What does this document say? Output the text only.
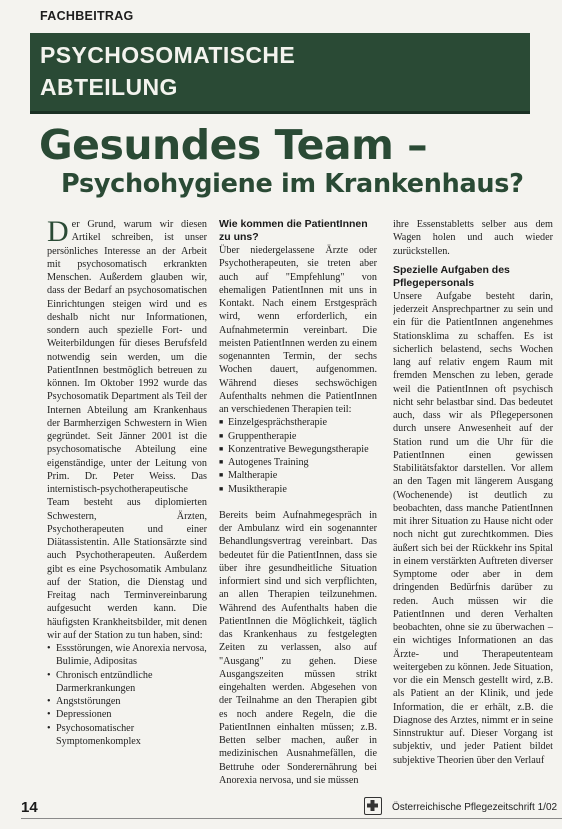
FACHBEITRAG
PSYCHOSOMATISCHE
ABTEILUNG
Gesundes Team –
Psychohygiene im Krankenhaus?

Der Grund, warum wir diesen Artikel schreiben, ist unser persönliches Interesse an der Arbeit mit psychosomatisch erkrankten Menschen. Außerdem glauben wir, dass der Bedarf an psychosomatischen Einrichtungen steigen wird und es deshalb nicht nur Informationen, sondern auch spezielle Fort- und Weiterbildungen für dieses Berufsfeld notwendig sein werden, um die PatientInnen bestmöglich betreuen zu können. Im Oktober 1992 wurde das Psychosomatik Department als Teil der Internen Abteilung am Krankenhaus der Barmherzigen Schwestern in Wien gegründet. Seit Jänner 2001 ist die psychosomatische Abteilung eine eigenständige, unter der Leitung von Prim. Dr. Peter Weiss. Das internistisch-psychotherapeutische Team besteht aus diplomierten Schwestern, Ärzten, Psychotherapeuten und einer Diätassistentin. Alle Stationsärzte sind auch Psychotherapeuten. Außerdem gibt es eine Psychosomatik Ambulanz auf der Station, die Dienstag und Freitag nach Terminvereinbarung aufgesucht werden kann. Die häufigsten Krankheitsbilder, mit denen wir auf der Station zu tun haben, sind:

• Essstörungen, wie Anorexia nervosa, Bulimie, Adipositas
• Chronisch entzündliche Darmerkrankungen
• Angststörungen
• Depressionen
• Psychosomatischer Symptomenkomplex
Wie kommen die PatientInnen zu uns?

Über niedergelassene Ärzte oder Psychotherapeuten, sie treten aber auch auf "Empfehlung" von ehemaligen PatientInnen mit uns in Kontakt. Nach einem Erstgespräch wird, wenn erforderlich, ein Aufnahmetermin vereinbart. Die meisten PatientInnen werden zu einem sogenannten Termin, der sechs Wochen dauert, aufgenommen. Während dieses sechswöchigen Aufenthalts nehmen die PatientInnen an verschiedenen Therapien teil:

■ Einzelgesprächstherapie
■ Gruppentherapie
■ Konzentrative Bewegungstherapie
■ Autogenes Training
■ Maltherapie
■ Musiktherapie

Bereits beim Aufnahmegespräch in der Ambulanz wird ein sogenannter Behandlungsvertrag vereinbart. Das bedeutet für die PatientInnen, dass sie über ihre gesundheitliche Situation informiert sind und sich verpflichten, an allen Therapien teilzunehmen. Während des Aufenthalts haben die PatientInnen die Möglichkeit, täglich das Krankenhaus zu festgelegten Zeiten zu verlassen, also auf "Ausgang" zu gehen. Diese Ausgangszeiten müssen strikt eingehalten werden. Abgesehen von der Teilnahme an den Therapien gibt es noch andere Regeln, die die PatientInnen einhalten müssen; z.B. Betten selber machen, außer in medizinischen Ausnahmefällen, die Bettruhe oder Sonderernährung bei Anorexia nervosa, und sie müssen

ihre Essenstabletts selber aus dem Wagen holen und auch wieder zurückstellen.

Spezielle Aufgaben des Pflegepersonals

Unsere Aufgabe besteht darin, jederzeit Ansprechpartner zu sein und ein für die PatientInnen angenehmes Stationsklima zu schaffen. Es ist sicherlich belastend, sechs Wochen lang auf relativ engem Raum mit fremden Menschen zu leben, gerade weil die PatientInnen oft psychisch nicht sehr belastbar sind. Das bedeutet auch, dass wir als Pflegepersonen durch unsere Anwesenheit auf der Station rund um die Uhr für die PatientInnen einen gewissen Stabilitätsfaktor darstellen. Vor allem an den Tagen mit längerem Ausgang (Wochenende) ist deutlich zu beobachten, dass manche PatientInnen mit ihrer Situation zu Hause nicht oder noch nicht gut zurechtkommen. Dies äußert sich bei der Rückkehr ins Spital in einem verstärkten Auftreten diverser Symptome oder aber in dem dringenden Bedürfnis darüber zu reden. Auch müssen wir die PatientInnen und deren Verhalten beobachten, ohne sie zu überwachen – ein wichtiges Informationen an das Ärzte- und Therapeutenteam weitergeben zu können. Jede Situation, vor die ein Mensch gestellt wird, z.B. als Patient an der Klinik, und jede Information, die er erhält, z.B. die Diagnose des Arztes, nimmt er in seine Sinnstruktur auf. Dieser Vorgang ist subjektiv, und jeder Patient bildet subjektive Theorien über den Verlauf

14	Österreichische Pflegezeitschrift 1/02
